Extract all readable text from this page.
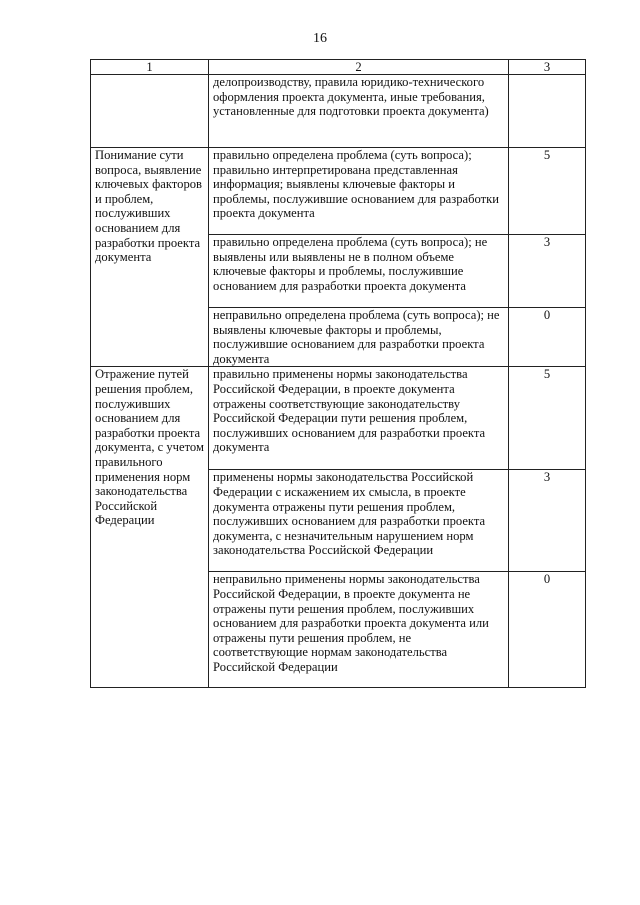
16
1	2	3

	делопроизводству, правила юридико-технического оформления проекта документа, иные требования, установленные для подготовки проекта документа)	

Понимание сути вопроса, выявление ключевых факторов и проблем, послуживших основанием для разработки проекта документа	правильно определена проблема (суть вопроса); правильно интерпретирована представленная информация; выявлены ключевые факторы и проблемы, послужившие основанием для разработки проекта документа	5

	правильно определена проблема (суть вопроса); не выявлены или выявлены не в полном объеме ключевые факторы и проблемы, послужившие основанием для разработки проекта документа	3

	неправильно определена проблема (суть вопроса); не выявлены ключевые факторы и проблемы, послужившие основанием для разработки проекта документа	0
Отражение путей решения проблем, послуживших основанием для разработки проекта документа, с учетом правильного применения норм законодательства Российской Федерации	правильно применены нормы законодательства Российской Федерации, в проекте документа отражены соответствующие законодательству Российской Федерации пути решения проблем, послуживших основанием для разработки проекта документа	5

	применены нормы законодательства Российской Федерации с искажением их смысла, в проекте документа отражены пути решения проблем, послуживших основанием для разработки проекта документа, с незначительным нарушением норм законодательства Российской Федерации	3

	неправильно применены нормы законодательства Российской Федерации, в проекте документа не отражены пути решения проблем, послуживших основанием для разработки проекта документа или отражены пути решения проблем, не соответствующие нормам законодательства Российской Федерации	0
